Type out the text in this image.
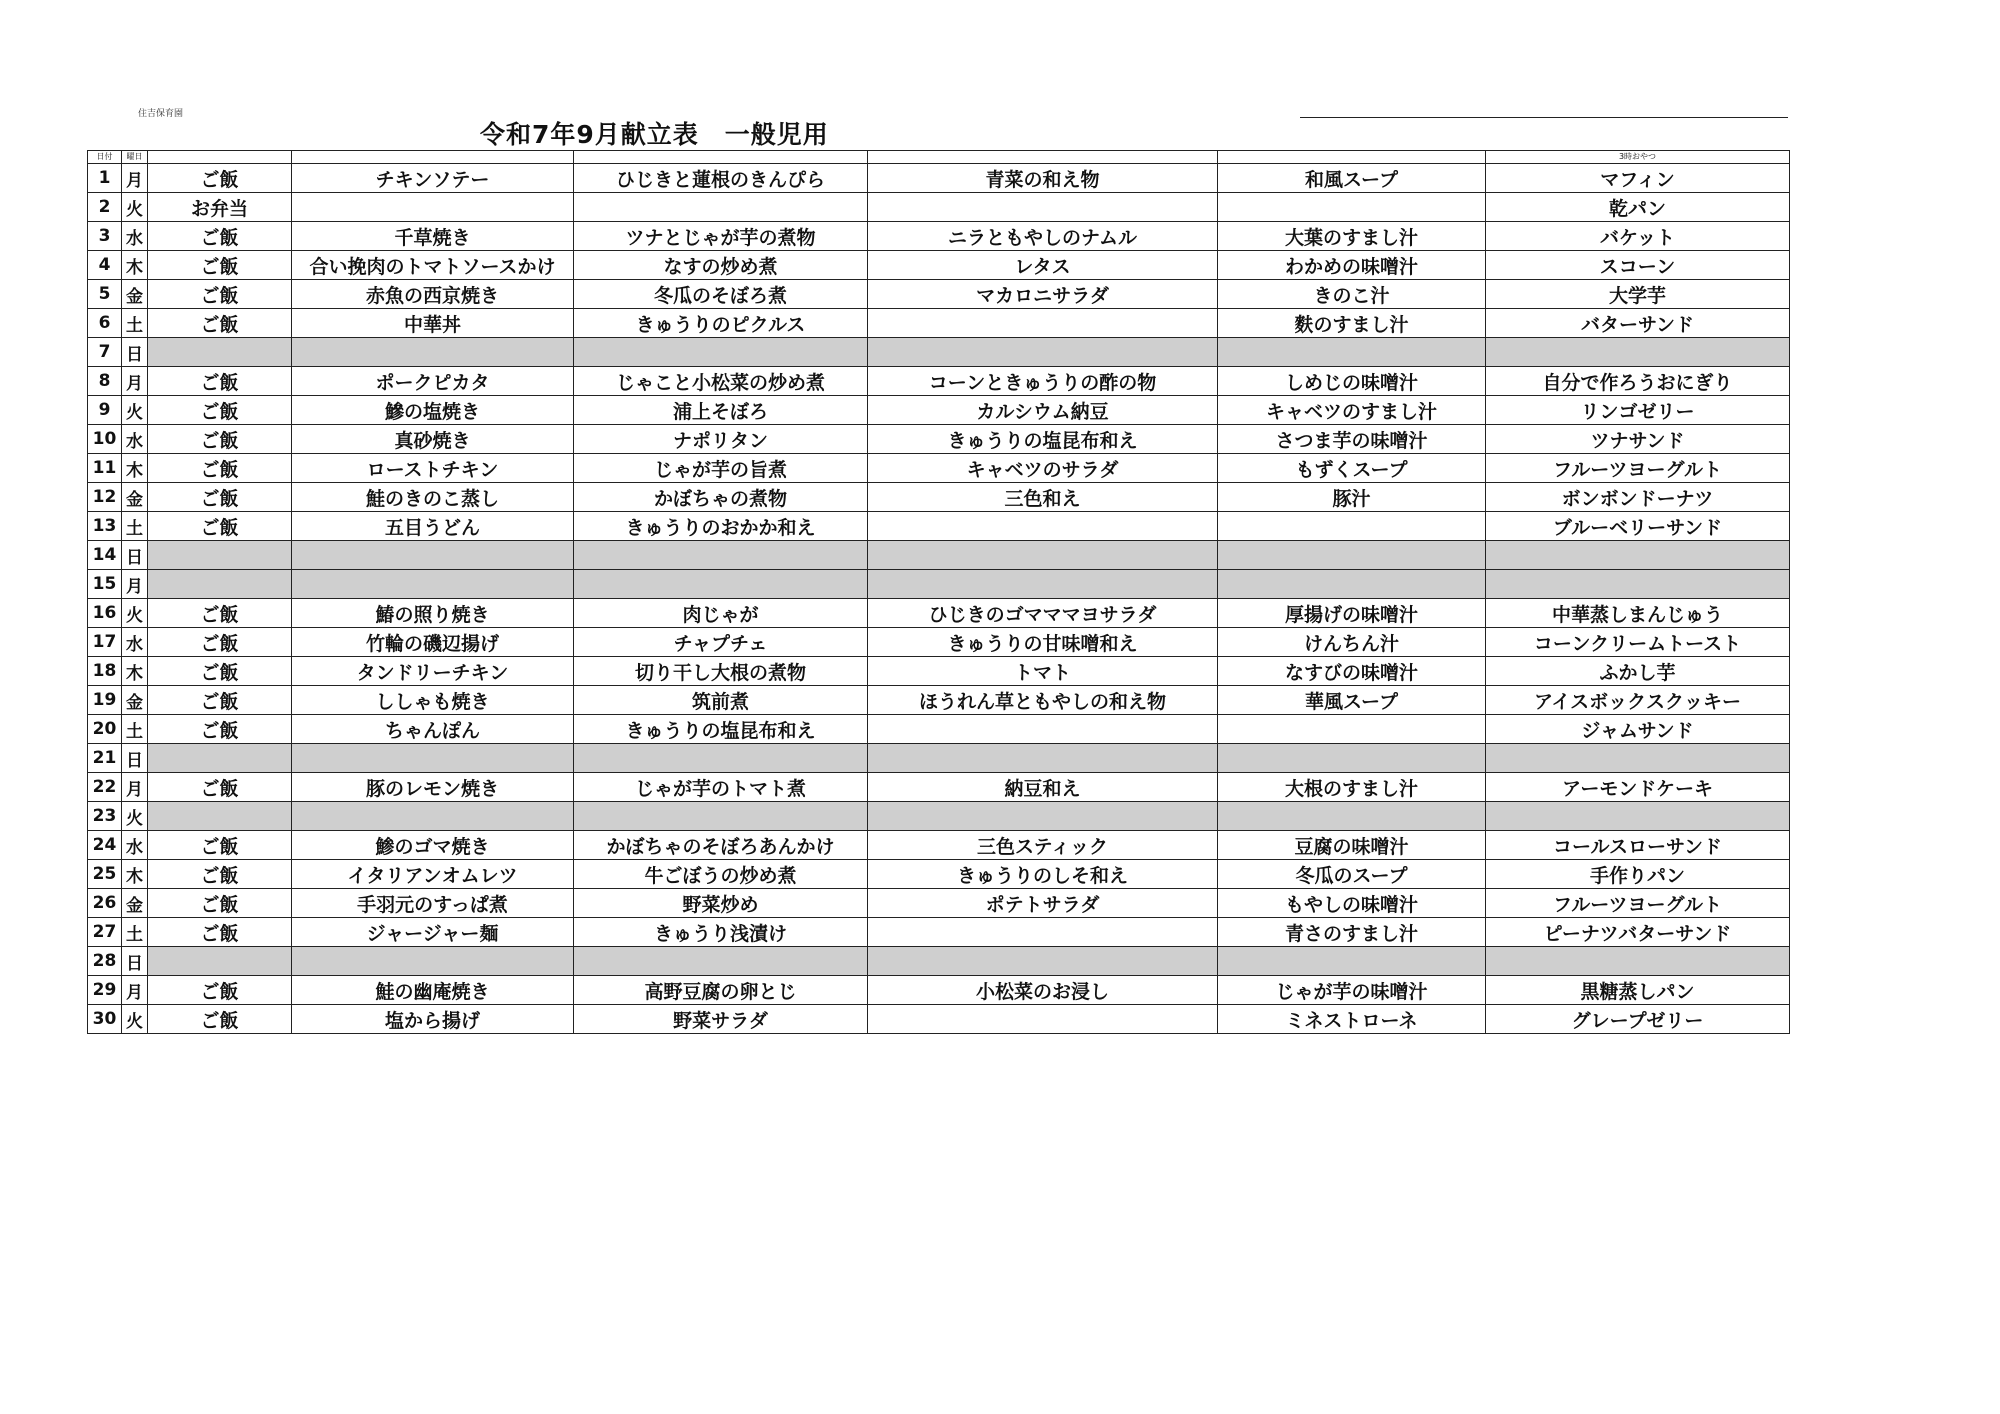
住吉保育園
令和7年9月献立表　一般児用
日付	曜日						3時おやつ
1	月	ご飯	チキンソテー	ひじきと蓮根のきんぴら	青菜の和え物	和風スープ	マフィン
2	火	お弁当					乾パン
3	水	ご飯	千草焼き	ツナとじゃが芋の煮物	ニラともやしのナムル	大葉のすまし汁	バケット
4	木	ご飯	合い挽肉のトマトソースかけ	なすの炒め煮	レタス	わかめの味噌汁	スコーン
5	金	ご飯	赤魚の西京焼き	冬瓜のそぼろ煮	マカロニサラダ	きのこ汁	大学芋
6	土	ご飯	中華丼	きゅうりのピクルス		麩のすまし汁	バターサンド
7	日						
8	月	ご飯	ポークピカタ	じゃこと小松菜の炒め煮	コーンときゅうりの酢の物	しめじの味噌汁	自分で作ろうおにぎり
9	火	ご飯	鰺の塩焼き	浦上そぼろ	カルシウム納豆	キャベツのすまし汁	リンゴゼリー
10	水	ご飯	真砂焼き	ナポリタン	きゅうりの塩昆布和え	さつま芋の味噌汁	ツナサンド
11	木	ご飯	ローストチキン	じゃが芋の旨煮	キャベツのサラダ	もずくスープ	フルーツヨーグルト
12	金	ご飯	鮭のきのこ蒸し	かぼちゃの煮物	三色和え	豚汁	ボンボンドーナツ
13	土	ご飯	五目うどん	きゅうりのおかか和え			ブルーベリーサンド
14	日						
15	月						
16	火	ご飯	鰆の照り焼き	肉じゃが	ひじきのゴマママヨサラダ	厚揚げの味噌汁	中華蒸しまんじゅう
17	水	ご飯	竹輪の磯辺揚げ	チャプチェ	きゅうりの甘味噌和え	けんちん汁	コーンクリームトースト
18	木	ご飯	タンドリーチキン	切り干し大根の煮物	トマト	なすびの味噌汁	ふかし芋
19	金	ご飯	ししゃも焼き	筑前煮	ほうれん草ともやしの和え物	華風スープ	アイスボックスクッキー
20	土	ご飯	ちゃんぽん	きゅうりの塩昆布和え			ジャムサンド
21	日						
22	月	ご飯	豚のレモン焼き	じゃが芋のトマト煮	納豆和え	大根のすまし汁	アーモンドケーキ
23	火						
24	水	ご飯	鯵のゴマ焼き	かぼちゃのそぼろあんかけ	三色スティック	豆腐の味噌汁	コールスローサンド
25	木	ご飯	イタリアンオムレツ	牛ごぼうの炒め煮	きゅうりのしそ和え	冬瓜のスープ	手作りパン
26	金	ご飯	手羽元のすっぱ煮	野菜炒め	ポテトサラダ	もやしの味噌汁	フルーツヨーグルト
27	土	ご飯	ジャージャー麺	きゅうり浅漬け		青さのすまし汁	ピーナツバターサンド
28	日						
29	月	ご飯	鮭の幽庵焼き	高野豆腐の卵とじ	小松菜のお浸し	じゃが芋の味噌汁	黒糖蒸しパン
30	火	ご飯	塩から揚げ	野菜サラダ		ミネストローネ	グレープゼリー
